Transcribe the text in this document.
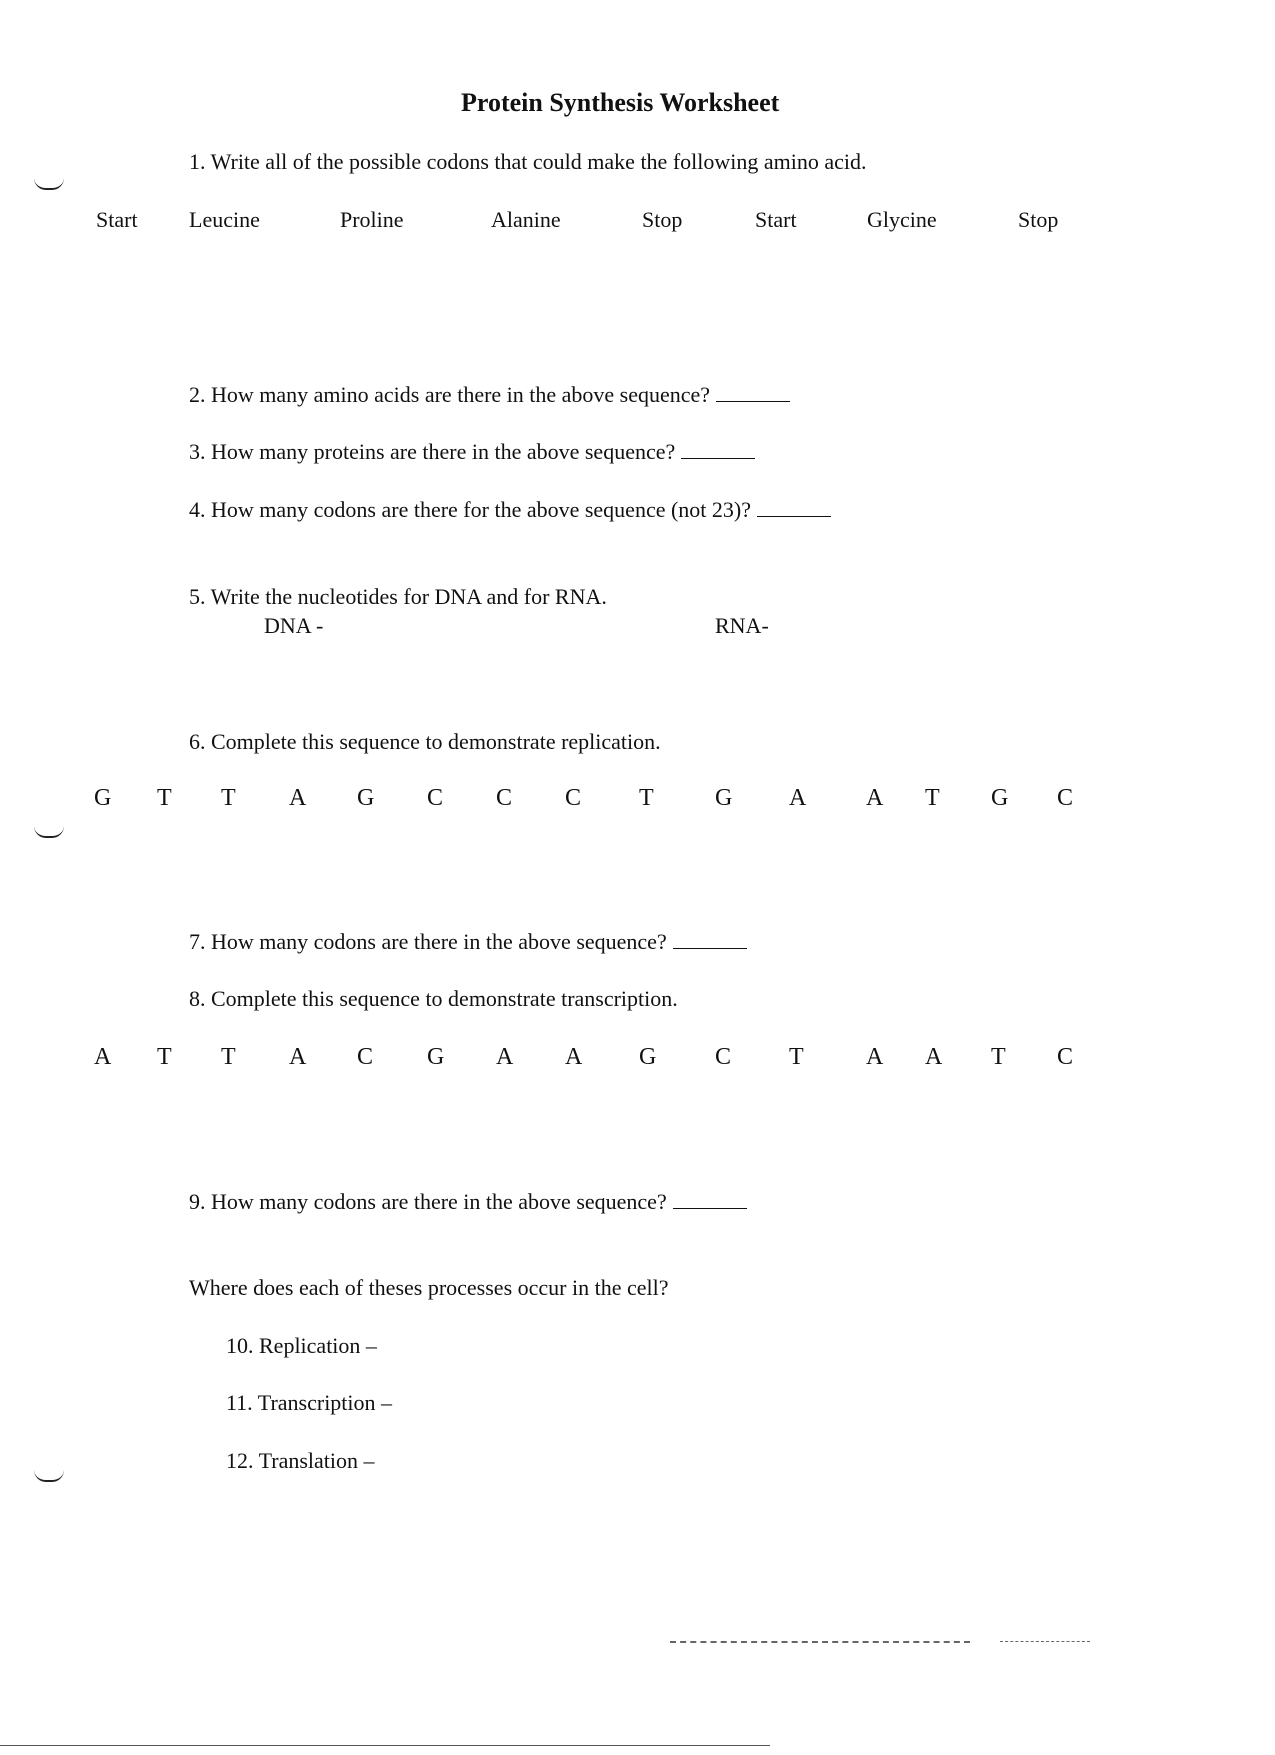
Protein Synthesis Worksheet
1. Write all of the possible codons that could make the following amino acid.
Start Leucine	Proline	Alanine	Stop	Start	Glycine	Stop
2. How many amino acids are there in the above sequence?
3. How many proteins are there in the above sequence?
4. How many codons are there for the above sequence (not 23)?
5. Write the nucleotides for DNA and for RNA.
DNA -	RNA-
6. Complete this sequence to demonstrate replication.
G T T A G C C C T	G A A T G C
7. How many codons are there in the above sequence?
8. Complete this sequence to demonstrate transcription.
A T T A C G A A G C T	A A T C
9. How many codons are there in the above sequence?
Where does each of theses processes occur in the cell?
10. Replication –
11. Transcription –
12. Translation –
